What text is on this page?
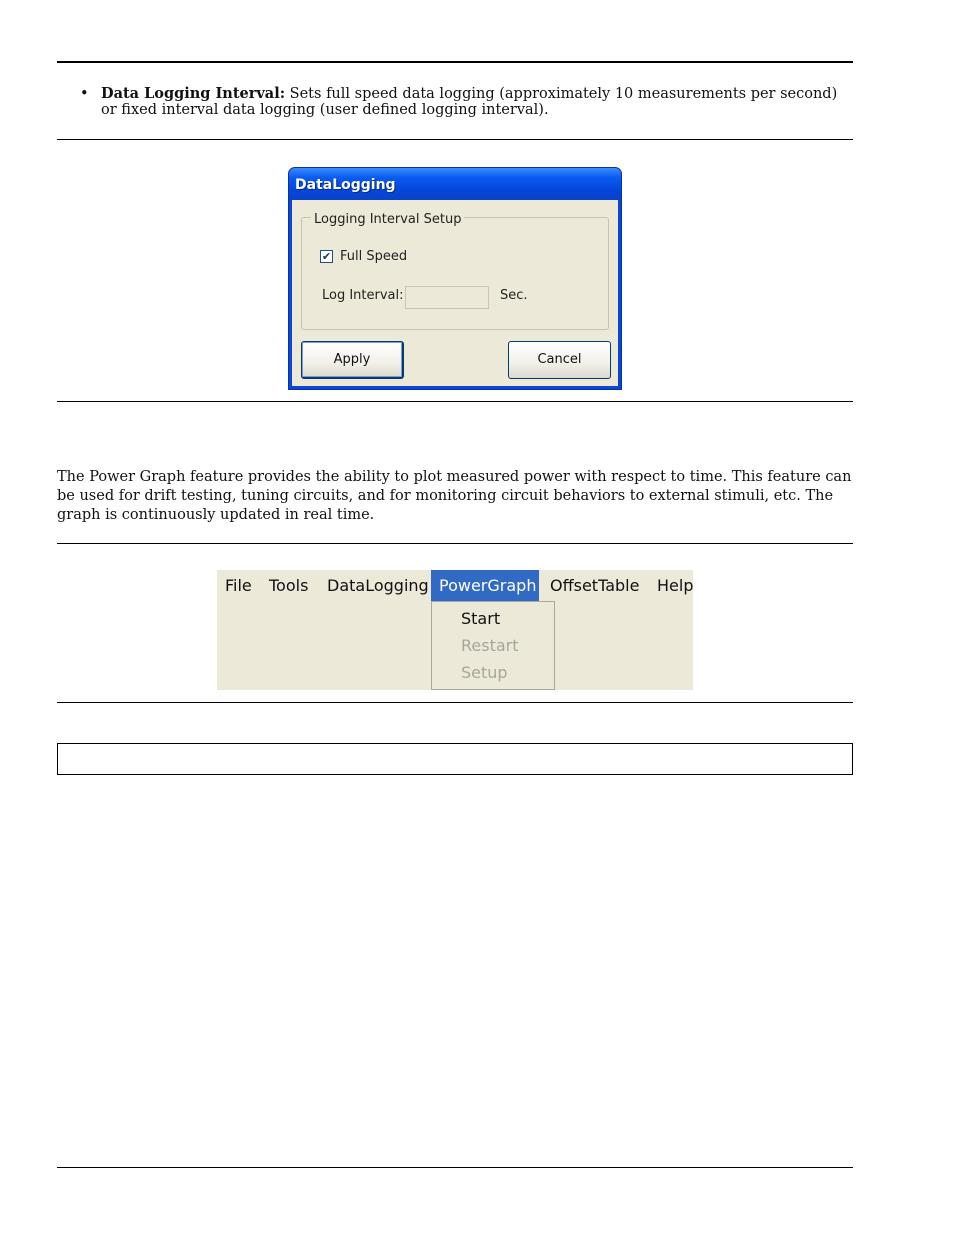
• Data Logging Interval: Sets full speed data logging (approximately 10 measurements per second) or fixed interval data logging (user defined logging interval).
DataLogging
Logging Interval Setup
✔ Full Speed
Log Interval:	Sec.
Apply	Cancel
The Power Graph feature provides the ability to plot measured power with respect to time. This feature can be used for drift testing, tuning circuits, and for monitoring circuit behaviors to external stimuli, etc. The graph is continuously updated in real time.
File	Tools	DataLogging PowerGraph OffsetTable	Help
Start
Restart
Setup
